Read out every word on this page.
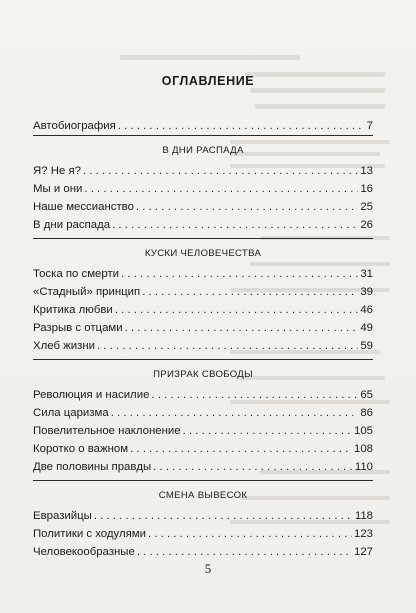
ОГЛАВЛЕНИЕ
Автобиография . . .	7
В ДНИ РАСПАДА
Я? Не я? . . .	13
Мы и они . . .	16
Наше мессианство . . .	25
В дни распада . . .	26
КУСКИ ЧЕЛОВЕЧЕСТВА
Тоска по смерти . . .	31
«Стадный» принцип . . .	39
Критика любви . . .	46
Разрыв с отцами . . .	49
Хлеб жизни . . .	59
ПРИЗРАК СВОБОДЫ
Революция и насилие . . .	65
Сила царизма . . .	86
Повелительное наклонение . . .	105
Коротко о важном . . .	108
Две половины правды . . .	110
СМЕНА ВЫВЕСОК
Евразийцы . . .	118
Политики с ходулями . . .	123
Человекообразные . . .	127
5
